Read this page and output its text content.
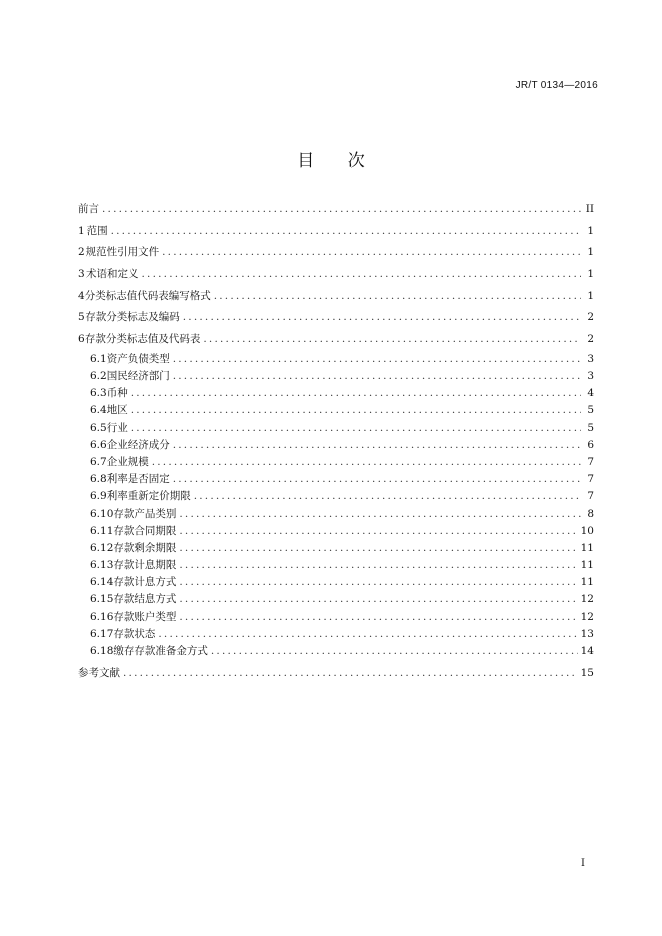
JR/T 0134—2016
目 次
前言 .....	II
1 范围 .....	1
2 规范性引用文件 .....	1
3 术语和定义 .....	1
4 分类标志值代码表编写格式 .....	1
5 存款分类标志及编码 .....	2
6 存款分类标志值及代码表 .....	2
6.1 资产负债类型 .....	3
6.2 国民经济部门 .....	3
6.3 币种 .....	4
6.4 地区 .....	5
6.5 行业 .....	5
6.6 企业经济成分 .....	6
6.7 企业规模 .....	7
6.8 利率是否固定 .....	7
6.9 利率重新定价期限 .....	7
6.10 存款产品类别 .....	8
6.11 存款合同期限 .....	10
6.12 存款剩余期限 .....	11
6.13 存款计息期限 .....	11
6.14 存款计息方式 .....	11
6.15 存款结息方式 .....	12
6.16 存款账户类型 .....	12
6.17 存款状态 .....	13
6.18 缴存存款准备金方式 .....	14
参考文献 .....	15
I
